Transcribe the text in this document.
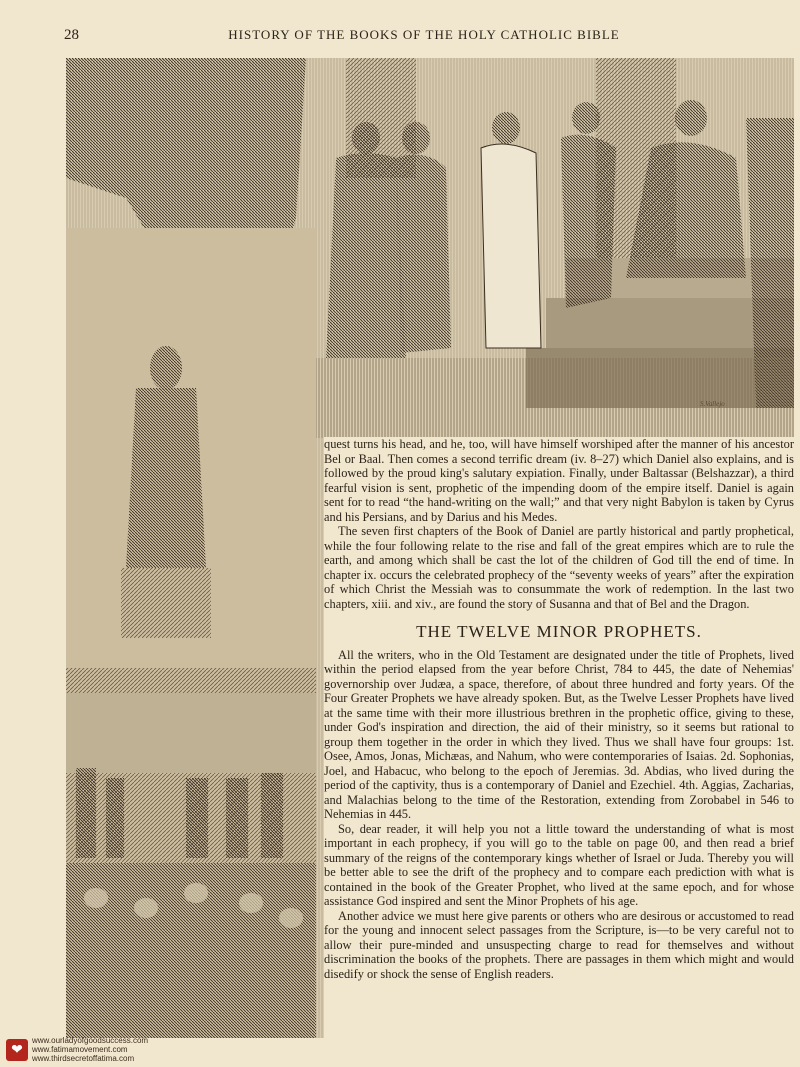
28	HISTORY OF THE BOOKS OF THE HOLY CATHOLIC BIBLE
S.Vallejo

quest turns his head, and he, too, will have himself worshiped after the manner of his ancestor Bel or Baal. Then comes a second terrific dream (iv. 8–27) which Daniel also explains, and is followed by the proud king's salutary expiation. Finally, under Baltassar (Belshazzar), a third fearful vision is sent, prophetic of the impending doom of the empire itself. Daniel is again sent for to read “the hand-writing on the wall;” and that very night Babylon is taken by Cyrus and his Persians, and by Darius and his Medes.

The seven first chapters of the Book of Daniel are partly historical and partly prophetical, while the four following relate to the rise and fall of the great empires which are to rule the earth, and among which shall be cast the lot of the children of God till the end of time. In chapter ix. occurs the celebrated prophecy of the “seventy weeks of years” after the expiration of which Christ the Messiah was to consummate the work of redemption. In the last two chapters, xiii. and xiv., are found the story of Susanna and that of Bel and the Dragon.

THE TWELVE MINOR PROPHETS.

All the writers, who in the Old Testament are designated under the title of Prophets, lived within the period elapsed from the year before Christ, 784 to 445, the date of Nehemias' governorship over Judæa, a space, therefore, of about three hundred and forty years. Of the Four Greater Prophets we have already spoken. But, as the Twelve Lesser Prophets have lived at the same time with their more illustrious brethren in the prophetic office, giving to these, under God's inspiration and direction, the aid of their ministry, so it seems but rational to group them together in the order in which they lived. Thus we shall have four groups: 1st. Osee, Amos, Jonas, Michæas, and Nahum, who were contemporaries of Isaias. 2d. Sophonias, Joel, and Habacuc, who belong to the epoch of Jeremias. 3d. Abdias, who lived during the period of the captivity, thus is a contemporary of Daniel and Ezechiel. 4th. Aggias, Zacharias, and Malachias belong to the time of the Restoration, extending from Zorobabel in 546 to Nehemias in 445.

So, dear reader, it will help you not a little toward the understanding of what is most important in each prophecy, if you will go to the table on page 00, and then read a brief summary of the reigns of the contemporary kings whether of Israel or Juda. Thereby you will be better able to see the drift of the prophecy and to compare each prediction with what is contained in the book of the Greater Prophet, who lived at the same epoch, and for whose assistance God inspired and sent the Minor Prophets of his age.

Another advice we must here give parents or others who are desirous or accustomed to read for the young and innocent select passages from the Scripture, is—to be very careful not to allow their pure-minded and unsuspecting charge to read for themselves and without discrimination the books of the prophets. There are passages in them which might and would disedify or shock the sense of English readers.

❤
www.ourladyofgoodsuccess.com
www.fatimamovement.com
www.thirdsecretoffatima.com
